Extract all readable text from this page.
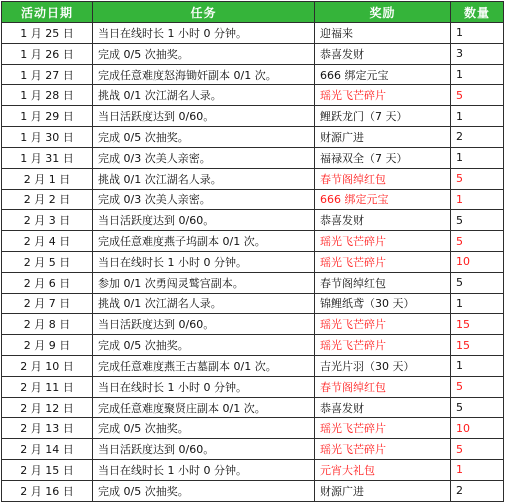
活动日期	任务	奖励	数量
1 月 25 日	当日在线时长 1 小时 0 分钟。	迎福来	1
1 月 26 日	完成 0/5 次抽奖。	恭喜发财	3
1 月 27 日	完成任意难度怒海锄奸副本 0/1 次。	666 绑定元宝	1
1 月 28 日	挑战 0/1 次江湖名人录。	瑶光飞芒碎片	5
1 月 29 日	当日活跃度达到 0/60。	鲤跃龙门（7 天）	1
1 月 30 日	完成 0/5 次抽奖。	财源广进	2
1 月 31 日	完成 0/3 次美人亲密。	福禄双全（7 天）	1
2 月 1 日	挑战 0/1 次江湖名人录。	春节阁绰红包	5
2 月 2 日	完成 0/3 次美人亲密。	666 绑定元宝	1
2 月 3 日	当日活跃度达到 0/60。	恭喜发财	5
2 月 4 日	完成任意难度燕子坞副本 0/1 次。	瑶光飞芒碎片	5
2 月 5 日	当日在线时长 1 小时 0 分钟。	瑶光飞芒碎片	10
2 月 6 日	参加 0/1 次勇闯灵鹫宫副本。	春节阁绰红包	5
2 月 7 日	挑战 0/1 次江湖名人录。	锦鲤纸鸢（30 天）	1
2 月 8 日	当日活跃度达到 0/60。	瑶光飞芒碎片	15
2 月 9 日	完成 0/5 次抽奖。	瑶光飞芒碎片	15
2 月 10 日	完成任意难度燕王古墓副本 0/1 次。	吉光片羽（30 天）	1
2 月 11 日	当日在线时长 1 小时 0 分钟。	春节阁绰红包	5
2 月 12 日	完成任意难度聚贤庄副本 0/1 次。	恭喜发财	5
2 月 13 日	完成 0/5 次抽奖。	瑶光飞芒碎片	10
2 月 14 日	当日活跃度达到 0/60。	瑶光飞芒碎片	5
2 月 15 日	当日在线时长 1 小时 0 分钟。	元宵大礼包	1
2 月 16 日	完成 0/5 次抽奖。	财源广进	2
